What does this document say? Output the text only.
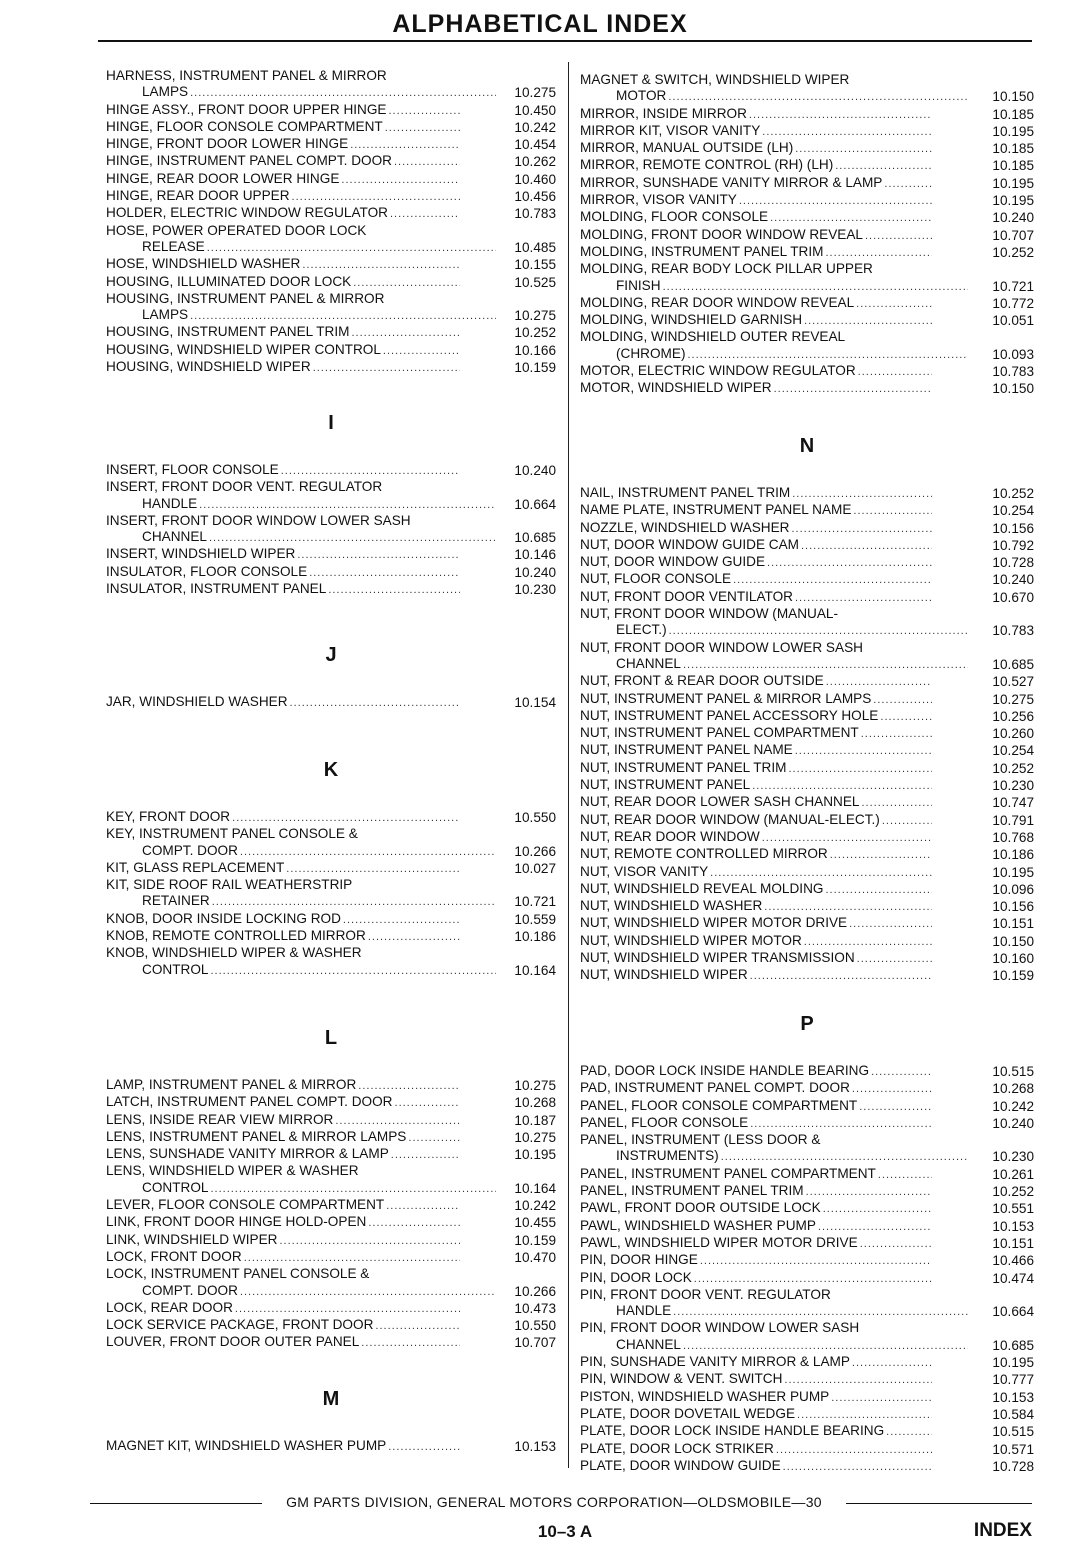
ALPHABETICAL INDEX
HARNESS, INSTRUMENT PANEL & MIRROR
LAMPS .....	10.275
HINGE ASSY., FRONT DOOR UPPER HINGE .....	10.450
HINGE, FLOOR CONSOLE COMPARTMENT .....	10.242
HINGE, FRONT DOOR LOWER HINGE .....	10.454
HINGE, INSTRUMENT PANEL COMPT. DOOR .....	10.262
HINGE, REAR DOOR LOWER HINGE .....	10.460
HINGE, REAR DOOR UPPER .....	10.456
HOLDER, ELECTRIC WINDOW REGULATOR .....	10.783
HOSE, POWER OPERATED DOOR LOCK
RELEASE .....	10.485
HOSE, WINDSHIELD WASHER .....	10.155
HOUSING, ILLUMINATED DOOR LOCK .....	10.525
HOUSING, INSTRUMENT PANEL & MIRROR
LAMPS .....	10.275
HOUSING, INSTRUMENT PANEL TRIM .....	10.252
HOUSING, WINDSHIELD WIPER CONTROL .....	10.166
HOUSING, WINDSHIELD WIPER .....	10.159
I
INSERT, FLOOR CONSOLE .....	10.240
INSERT, FRONT DOOR VENT. REGULATOR
HANDLE .....	10.664
INSERT, FRONT DOOR WINDOW LOWER SASH
CHANNEL .....	10.685
INSERT, WINDSHIELD WIPER .....	10.146
INSULATOR, FLOOR CONSOLE .....	10.240
INSULATOR, INSTRUMENT PANEL .....	10.230
J
JAR, WINDSHIELD WASHER .....	10.154
K
KEY, FRONT DOOR .....	10.550
KEY, INSTRUMENT PANEL CONSOLE &
COMPT. DOOR .....	10.266
KIT, GLASS REPLACEMENT .....	10.027
KIT, SIDE ROOF RAIL WEATHERSTRIP
RETAINER .....	10.721
KNOB, DOOR INSIDE LOCKING ROD .....	10.559
KNOB, REMOTE CONTROLLED MIRROR .....	10.186
KNOB, WINDSHIELD WIPER & WASHER
CONTROL .....	10.164
L
LAMP, INSTRUMENT PANEL & MIRROR .....	10.275
LATCH, INSTRUMENT PANEL COMPT. DOOR .....	10.268
LENS, INSIDE REAR VIEW MIRROR .....	10.187
LENS, INSTRUMENT PANEL & MIRROR LAMPS .....	10.275
LENS, SUNSHADE VANITY MIRROR & LAMP .....	10.195
LENS, WINDSHIELD WIPER & WASHER
CONTROL .....	10.164
LEVER, FLOOR CONSOLE COMPARTMENT .....	10.242
LINK, FRONT DOOR HINGE HOLD-OPEN .....	10.455
LINK, WINDSHIELD WIPER .....	10.159
LOCK, FRONT DOOR .....	10.470
LOCK, INSTRUMENT PANEL CONSOLE &
COMPT. DOOR .....	10.266
LOCK, REAR DOOR .....	10.473
LOCK SERVICE PACKAGE, FRONT DOOR .....	10.550
LOUVER, FRONT DOOR OUTER PANEL .....	10.707
M
MAGNET KIT, WINDSHIELD WASHER PUMP .....	10.153
MAGNET & SWITCH, WINDSHIELD WIPER
MOTOR .....	10.150
MIRROR, INSIDE MIRROR .....	10.185
MIRROR KIT, VISOR VANITY .....	10.195
MIRROR, MANUAL OUTSIDE (LH) .....	10.185
MIRROR, REMOTE CONTROL (RH) (LH) .....	10.185
MIRROR, SUNSHADE VANITY MIRROR & LAMP .....	10.195
MIRROR, VISOR VANITY .....	10.195
MOLDING, FLOOR CONSOLE .....	10.240
MOLDING, FRONT DOOR WINDOW REVEAL .....	10.707
MOLDING, INSTRUMENT PANEL TRIM .....	10.252
MOLDING, REAR BODY LOCK PILLAR UPPER
FINISH .....	10.721
MOLDING, REAR DOOR WINDOW REVEAL .....	10.772
MOLDING, WINDSHIELD GARNISH .....	10.051
MOLDING, WINDSHIELD OUTER REVEAL
(CHROME) .....	10.093
MOTOR, ELECTRIC WINDOW REGULATOR .....	10.783
MOTOR, WINDSHIELD WIPER .....	10.150
N
NAIL, INSTRUMENT PANEL TRIM .....	10.252
NAME PLATE, INSTRUMENT PANEL NAME .....	10.254
NOZZLE, WINDSHIELD WASHER .....	10.156
NUT, DOOR WINDOW GUIDE CAM .....	10.792
NUT, DOOR WINDOW GUIDE .....	10.728
NUT, FLOOR CONSOLE .....	10.240
NUT, FRONT DOOR VENTILATOR .....	10.670
NUT, FRONT DOOR WINDOW (MANUAL-
ELECT.) .....	10.783
NUT, FRONT DOOR WINDOW LOWER SASH
CHANNEL .....	10.685
NUT, FRONT & REAR DOOR OUTSIDE .....	10.527
NUT, INSTRUMENT PANEL & MIRROR LAMPS .....	10.275
NUT, INSTRUMENT PANEL ACCESSORY HOLE .....	10.256
NUT, INSTRUMENT PANEL COMPARTMENT .....	10.260
NUT, INSTRUMENT PANEL NAME .....	10.254
NUT, INSTRUMENT PANEL TRIM .....	10.252
NUT, INSTRUMENT PANEL .....	10.230
NUT, REAR DOOR LOWER SASH CHANNEL .....	10.747
NUT, REAR DOOR WINDOW (MANUAL-ELECT.) .....	10.791
NUT, REAR DOOR WINDOW .....	10.768
NUT, REMOTE CONTROLLED MIRROR .....	10.186
NUT, VISOR VANITY .....	10.195
NUT, WINDSHIELD REVEAL MOLDING .....	10.096
NUT, WINDSHIELD WASHER .....	10.156
NUT, WINDSHIELD WIPER MOTOR DRIVE .....	10.151
NUT, WINDSHIELD WIPER MOTOR .....	10.150
NUT, WINDSHIELD WIPER TRANSMISSION .....	10.160
NUT, WINDSHIELD WIPER .....	10.159
P
PAD, DOOR LOCK INSIDE HANDLE BEARING .....	10.515
PAD, INSTRUMENT PANEL COMPT. DOOR .....	10.268
PANEL, FLOOR CONSOLE COMPARTMENT .....	10.242
PANEL, FLOOR CONSOLE .....	10.240
PANEL, INSTRUMENT (LESS DOOR &
INSTRUMENTS) .....	10.230
PANEL, INSTRUMENT PANEL COMPARTMENT .....	10.261
PANEL, INSTRUMENT PANEL TRIM .....	10.252
PAWL, FRONT DOOR OUTSIDE LOCK .....	10.551
PAWL, WINDSHIELD WASHER PUMP .....	10.153
PAWL, WINDSHIELD WIPER MOTOR DRIVE .....	10.151
PIN, DOOR HINGE .....	10.466
PIN, DOOR LOCK .....	10.474
PIN, FRONT DOOR VENT. REGULATOR
HANDLE .....	10.664
PIN, FRONT DOOR WINDOW LOWER SASH
CHANNEL .....	10.685
PIN, SUNSHADE VANITY MIRROR & LAMP .....	10.195
PIN, WINDOW & VENT. SWITCH .....	10.777
PISTON, WINDSHIELD WASHER PUMP .....	10.153
PLATE, DOOR DOVETAIL WEDGE .....	10.584
PLATE, DOOR LOCK INSIDE HANDLE BEARING .....	10.515
PLATE, DOOR LOCK STRIKER .....	10.571
PLATE, DOOR WINDOW GUIDE .....	10.728
GM PARTS DIVISION, GENERAL MOTORS CORPORATION—OLDSMOBILE—30
10–3 A	INDEX
